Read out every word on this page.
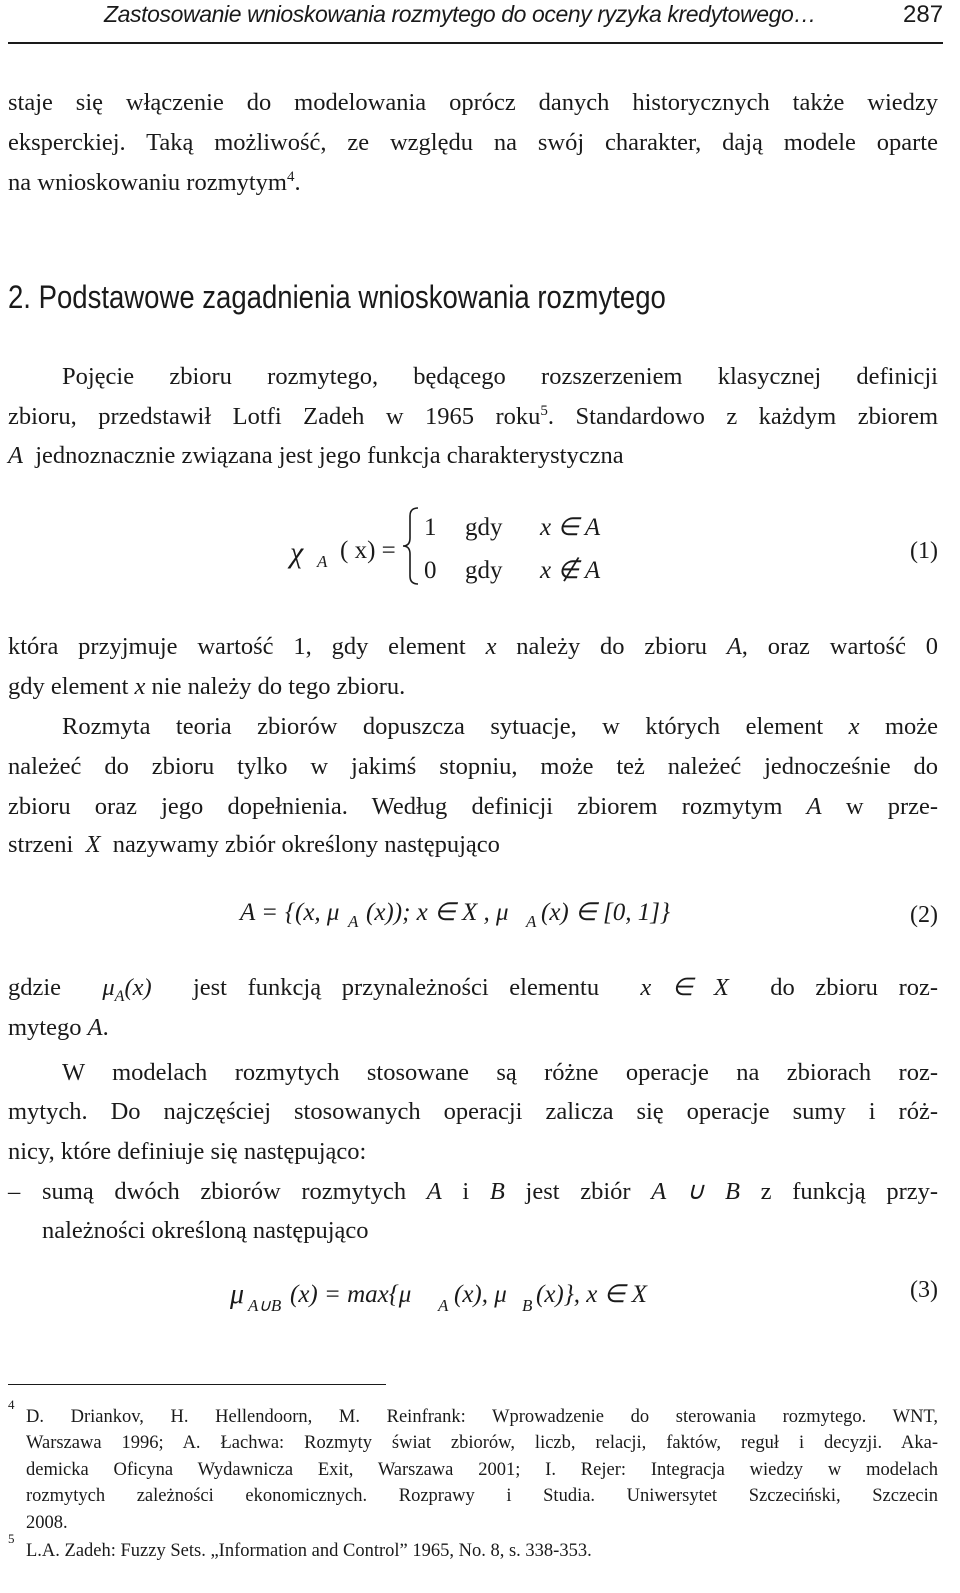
Zastosowanie wnioskowania rozmytego do oceny ryzyka kredytowego…	287
staje się włączenie do modelowania oprócz danych historycznych także wiedzy
eksperckiej. Taką możliwość, ze względu na swój charakter, dają modele oparte
na wnioskowaniu rozmytym$^4$.
2. Podstawowe zagadnienia wnioskowania rozmytego
Pojęcie zbioru rozmytego, będącego rozszerzeniem klasycznej definicji
zbioru, przedstawił Lotfi Zadeh w 1965 roku$^5$. Standardowo z każdym zbiorem
A jednoznacznie związana jest jego funkcja charakterystyczna
χ A ( x) =
1 gdy x ∈ A
0 gdy x ∉ A
(1)
która przyjmuje wartość 1, gdy element x należy do zbioru A, oraz wartość 0
gdy element x nie należy do tego zbioru.
Rozmyta teoria zbiorów dopuszcza sytuacje, w których element x może
należeć do zbioru tylko w jakimś stopniu, może też należeć jednocześnie do
zbioru oraz jego dopełnienia. Według definicji zbiorem rozmytym A w prze-
strzeni X nazywamy zbiór określony następująco
A = {(x, μ A (x)); x ∈ X , μ A (x) ∈ [0, 1]}	(2)
gdzie $\mu_A(x)$ jest funkcją przynależności elementu x ∈ X do zbioru roz-
mytego A.
W modelach rozmytych stosowane są różne operacje na zbiorach roz-
mytych. Do najczęściej stosowanych operacji zalicza się operacje sumy i róż-
nicy, które definiuje się następująco:
– sumą dwóch zbiorów rozmytych A i B jest zbiór A ∪ B z funkcją przy-
należności określoną następująco
μ A∪B (x) = max{μ A (x), μ B (x)}, x ∈ X	(3)
4
D. Driankov, H. Hellendoorn, M. Reinfrank: Wprowadzenie do sterowania rozmytego. WNT,
Warszawa 1996; A. Łachwa: Rozmyty świat zbiorów, liczb, relacji, faktów, reguł i decyzji. Aka-
demicka Oficyna Wydawnicza Exit, Warszawa 2001; I. Rejer: Integracja wiedzy w modelach
rozmytych zależności ekonomicznych. Rozprawy i Studia. Uniwersytet Szczeciński, Szczecin
2008.
5
L.A. Zadeh: Fuzzy Sets. „Information and Control” 1965, No. 8, s. 338-353.
